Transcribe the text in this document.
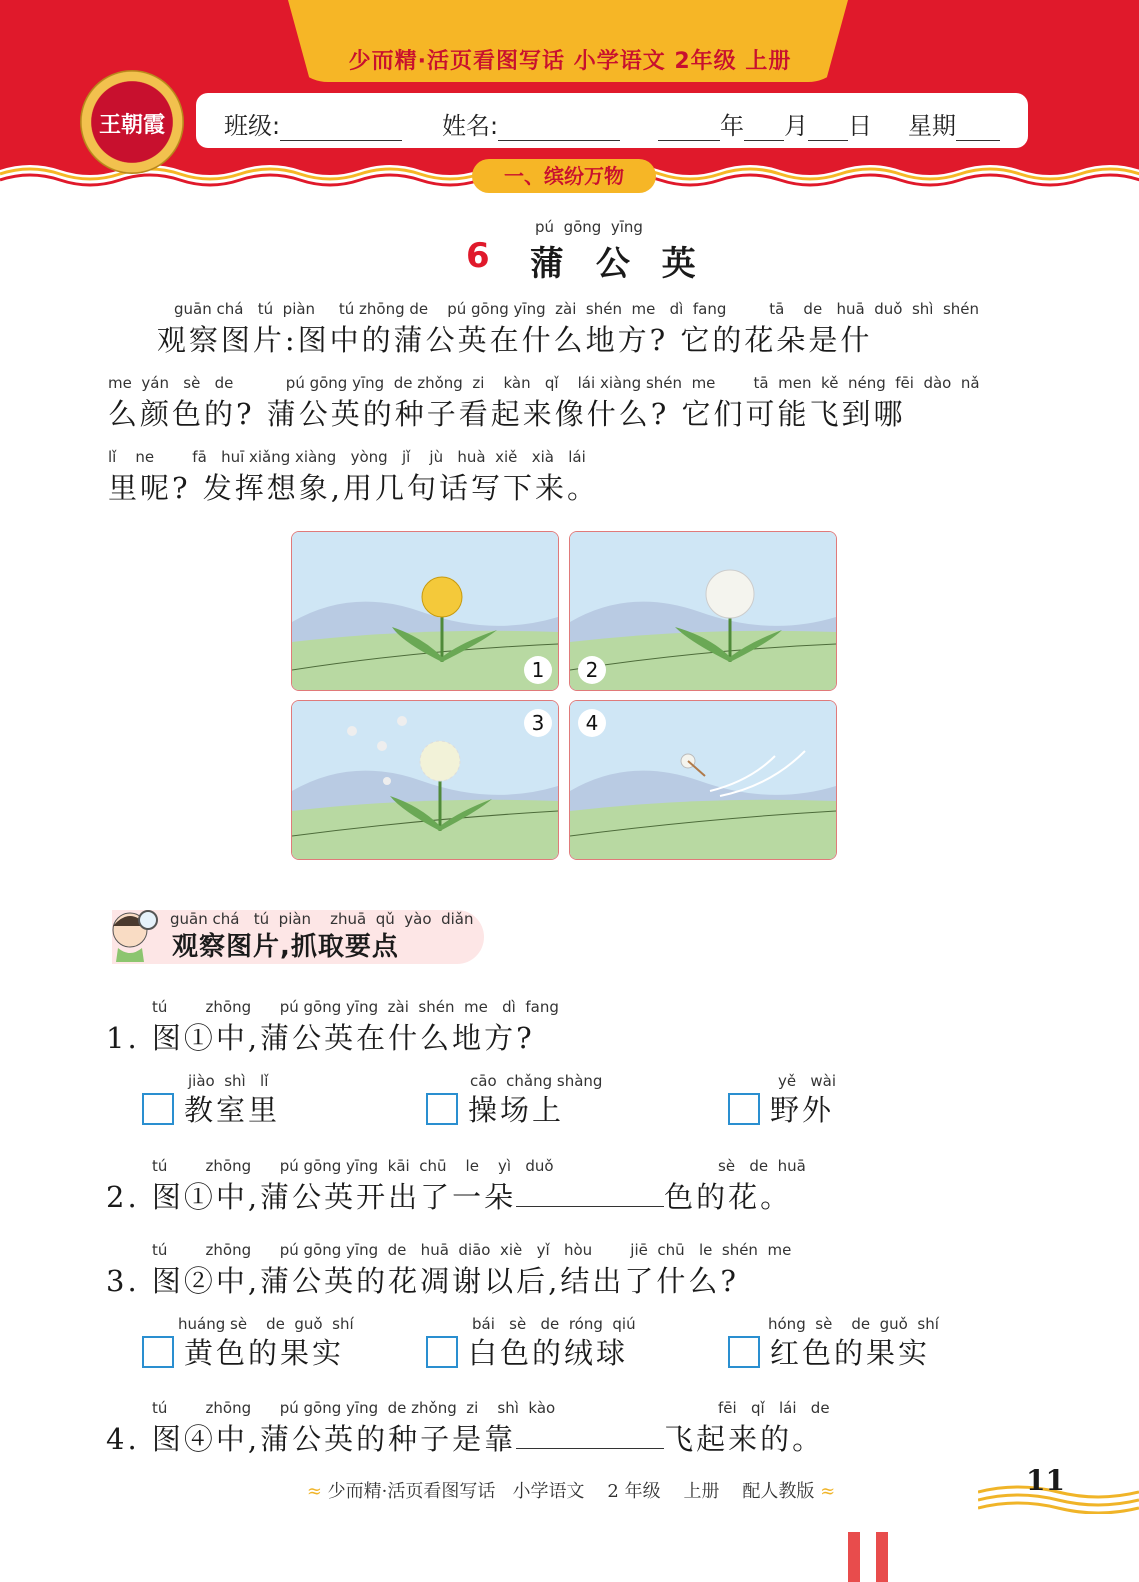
少而精·活页看图写话 小学语文 2年级 上册
王朝霞	班级:	姓名:	年 月 日 星期
一、缤纷万物
pú  gōng  yīng
6 蒲 公 英
guān chá   tú  piàn     tú zhōng de    pú gōng yīng  zài  shén  me   dì  fang         tā    de   huā  duǒ  shì  shén
观察图片:图中的蒲公英在什么地方? 它的花朵是什
me  yán   sè   de           pú gōng yīng  de zhǒng  zi    kàn   qǐ    lái xiàng shén  me        tā  men  kě  néng  fēi  dào  nǎ
么颜色的? 蒲公英的种子看起来像什么? 它们可能飞到哪
lǐ    ne        fā   huī xiǎng xiàng   yòng   jǐ    jù   huà  xiě   xià   lái
里呢? 发挥想象,用几句话写下来。
1	2
3	4
guān chá   tú  piàn    zhuā  qǔ  yào  diǎn
观察图片,抓取要点
tú        zhōng      pú gōng yīng  zài  shén  me   dì  fang
1. 图①中,蒲公英在什么地方?
jiào  shì   lǐ
教室里
cāo  chǎng shàng
操场上
yě   wài
野外
tú        zhōng      pú gōng yīng  kāi  chū    le    yì   duǒ
2. 图①中,蒲公英开出了一朵	色的花。
sè   de  huā
tú        zhōng      pú gōng yīng  de   huā  diāo  xiè   yǐ   hòu        jiē  chū   le  shén  me
3. 图②中,蒲公英的花凋谢以后,结出了什么?
huáng sè    de  guǒ  shí
黄色的果实
bái   sè   de  róng  qiú
白色的绒球
hóng  sè    de  guǒ  shí
红色的果实
tú        zhōng      pú gōng yīng  de zhǒng  zi    shì  kào
4. 图④中,蒲公英的种子是靠	飞起来的。
fēi   qǐ   lái   de
≈ 少而精·活页看图写话   小学语文    2 年级    上册    配人教版 ≈	11
